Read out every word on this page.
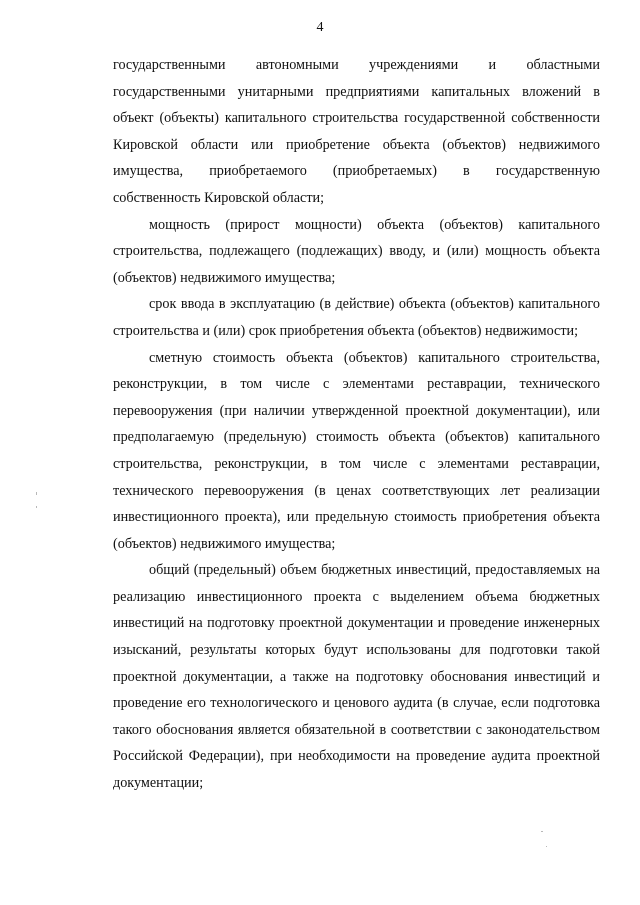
4

государственными автономными учреждениями и областными государственными унитарными предприятиями капитальных вложений в объект (объекты) капитального строительства государственной собственности Кировской области или приобретение объекта (объектов) недвижимого имущества, приобретаемого (приобретаемых) в государственную собственность Кировской области;

мощность (прирост мощности) объекта (объектов) капитального строительства, подлежащего (подлежащих) вводу, и (или) мощность объекта (объектов) недвижимого имущества;

срок ввода в эксплуатацию (в действие) объекта (объектов) капитального строительства и (или) срок приобретения объекта (объектов) недвижимости;

сметную стоимость объекта (объектов) капитального строительства, реконструкции, в том числе с элементами реставрации, технического перевооружения (при наличии утвержденной проектной документации), или предполагаемую (предельную) стоимость объекта (объектов) капитального строительства, реконструкции, в том числе с элементами реставрации, технического перевооружения (в ценах соответствующих лет реализации инвестиционного проекта), или предельную стоимость приобретения объекта (объектов) недвижимого имущества;

общий (предельный) объем бюджетных инвестиций, предоставляемых на реализацию инвестиционного проекта с выделением объема бюджетных инвестиций на подготовку проектной документации и проведение инженерных изысканий, результаты которых будут использованы для подготовки такой проектной документации, а также на подготовку обоснования инвестиций и проведение его технологического и ценового аудита (в случае, если подготовка такого обоснования является обязательной в соответствии с законодательством Российской Федерации), при необходимости на проведение аудита проектной документации;
